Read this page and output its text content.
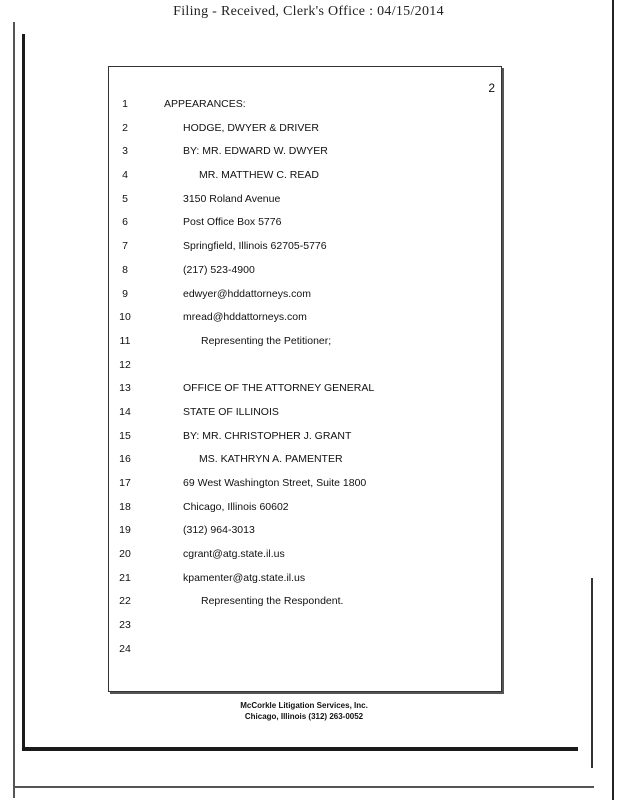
Filing - Received, Clerk's Office : 04/15/2014
2
1	APPEARANCES:
2	HODGE, DWYER & DRIVER
3	BY: MR. EDWARD W. DWYER
4	MR. MATTHEW C. READ
5	3150 Roland Avenue
6	Post Office Box 5776
7	Springfield, Illinois 62705-5776
8	(217) 523-4900
9	edwyer@hddattorneys.com
10	mread@hddattorneys.com
11	Representing the Petitioner;
12
13	OFFICE OF THE ATTORNEY GENERAL
14	STATE OF ILLINOIS
15	BY: MR. CHRISTOPHER J. GRANT
16	MS. KATHRYN A. PAMENTER
17	69 West Washington Street, Suite 1800
18	Chicago, Illinois 60602
19	(312) 964-3013
20	cgrant@atg.state.il.us
21	kpamenter@atg.state.il.us
22	Representing the Respondent.
23
24
McCorkle Litigation Services, Inc.
Chicago, Illinois (312) 263-0052
